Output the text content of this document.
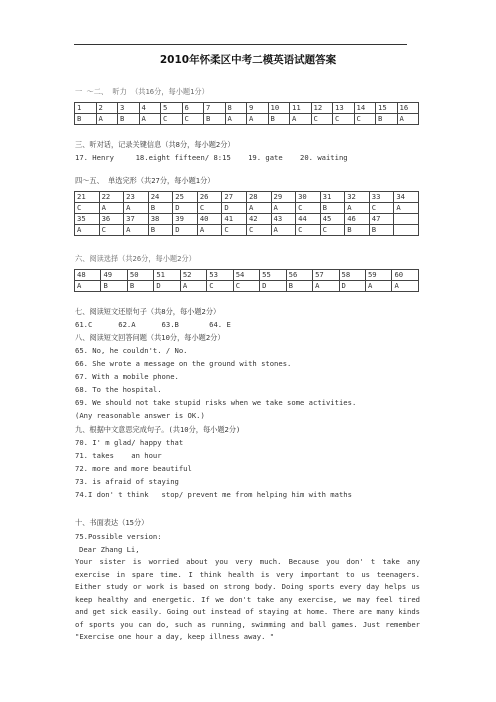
2010年怀柔区中考二模英语试题答案
一 ～二、 听力 （共16分，每小题1分）
1	2	3	4	5	6	7	8	9	10	11	12	13	14	15	16
B	A	B	A	C	C	B	A	A	B	A	C	C	C	B	A
三、听对话，记录关键信息（共8分，每小题2分）
17. Henry     18.eight fifteen/ 8:15    19. gate    20. waiting
四～五、 单选完形（共27分，每小题1分）
21	22	23	24	25	26	27	28	29	30	31	32	33	34
C	A	A	B	D	C	D	A	A	C	B	A	C	A
35	36	37	38	39	40	41	42	43	44	45	46	47	
A	C	A	B	D	A	C	C	A	C	C	B	B	
六、阅读选择（共26分，每小题2分）
48	49	50	51	52	53	54	55	56	57	58	59	60
A	B	B	D	A	C	C	D	B	A	D	A	A
七、阅读短文还原句子（共8分，每小题2分）
61.C      62.A      63.B       64. E
八、阅读短文回答问题（共10分，每小题2分）
65. No, he couldn't. / No.
66. She wrote a message on the ground with stones.
67. With a mobile phone.
68. To the hospital.
69. We should not take stupid risks when we take some activities.
(Any reasonable answer is OK.)
九、根据中文意思完成句子。(共10分，每小题2分)
70. I' m glad/ happy that
71. takes    an hour
72. more and more beautiful
73. is afraid of staying
74.I don' t think   stop/ prevent me from helping him with maths
十、书面表达（15分）
75.Possible version:
Dear Zhang Li,
Your sister is worried about you very much. Because you don' t take any exercise in spare time. I think health is very important to us teenagers. Either study or work is based on strong body. Doing sports every day helps us keep healthy and energetic. If we don't take any exercise, we may feel tired and get sick easily. Going out instead of staying at home. There are many kinds of sports you can do, such as running, swimming and ball games. Just remember "Exercise one hour a day, keep illness away. "
